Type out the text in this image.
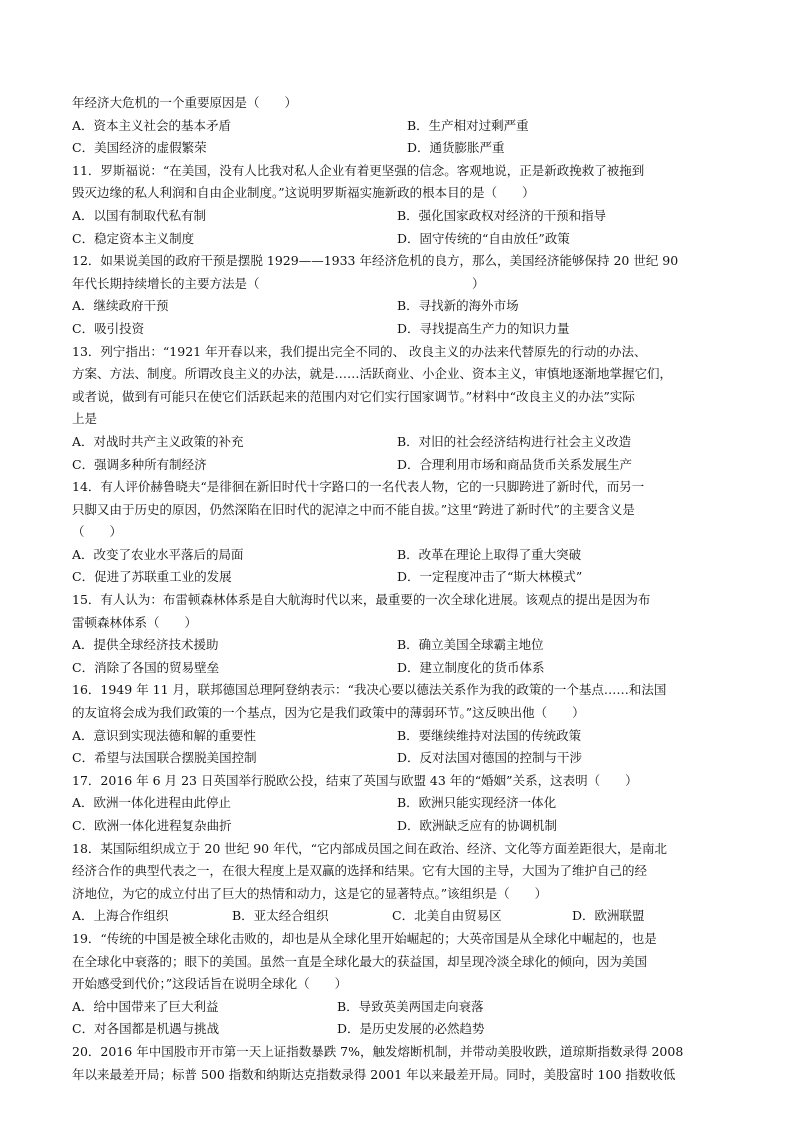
年经济大危机的一个重要原因是（　　）
A．资本主义社会的基本矛盾	B．生产相对过剩严重
C．美国经济的虚假繁荣	D．通货膨胀严重
11．罗斯福说：“在美国，没有人比我对私人企业有着更坚强的信念。客观地说，正是新政挽救了被拖到
毁灭边缘的私人利润和自由企业制度。”这说明罗斯福实施新政的根本目的是（　　）
A．以国有制取代私有制	B．强化国家政权对经济的干预和指导
C．稳定资本主义制度	D．固守传统的“自由放任”政策
12．如果说美国的政府干预是摆脱 1929——1933 年经济危机的良方，那么，美国经济能够保持 20 世纪 90
年代长期持续增长的主要方法是（　　　　　　　　　　　　　　　　　）
A．继续政府干预	B．寻找新的海外市场
C．吸引投资	D．寻找提高生产力的知识力量
13．列宁指出：“1921 年开春以来，我们提出完全不同的、 改良主义的办法来代替原先的行动的办法、
方案、方法、制度。所谓改良主义的办法，就是……活跃商业、小企业、资本主义，审慎地逐渐地掌握它们，
或者说，做到有可能只在使它们活跃起来的范围内对它们实行国家调节。”材料中“改良主义的办法”实际
上是
A．对战时共产主义政策的补充	B．对旧的社会经济结构进行社会主义改造
C．强调多种所有制经济	D．合理利用市场和商品货币关系发展生产
14．有人评价赫鲁晓夫“是徘徊在新旧时代十字路口的一名代表人物，它的一只脚跨进了新时代，而另一
只脚又由于历史的原因，仍然深陷在旧时代的泥淖之中而不能自拔。”这里“跨进了新时代”的主要含义是
（　　）
A．改变了农业水平落后的局面	B．改革在理论上取得了重大突破
C．促进了苏联重工业的发展	D．一定程度冲击了“斯大林模式”
15．有人认为：布雷顿森林体系是自大航海时代以来，最重要的一次全球化进展。该观点的提出是因为布
雷顿森林体系（　　）
A．提供全球经济技术援助	B．确立美国全球霸主地位
C．消除了各国的贸易壁垒	D．建立制度化的货币体系
16．1949 年 11 月，联邦德国总理阿登纳表示：“我决心要以德法关系作为我的政策的一个基点……和法国
的友谊将会成为我们政策的一个基点，因为它是我们政策中的薄弱环节。”这反映出他（　　）
A．意识到实现法德和解的重要性	B．要继续维持对法国的传统政策
C．希望与法国联合摆脱美国控制	D．反对法国对德国的控制与干涉
17．2016 年 6 月 23 日英国举行脱欧公投，结束了英国与欧盟 43 年的“婚姻”关系，这表明（　　）
A．欧洲一体化进程由此停止	B．欧洲只能实现经济一体化
C．欧洲一体化进程复杂曲折	D．欧洲缺乏应有的协调机制
18．某国际组织成立于 20 世纪 90 年代，“它内部成员国之间在政治、经济、文化等方面差距很大，是南北
经济合作的典型代表之一，在很大程度上是双赢的选择和结果。它有大国的主导，大国为了维护自己的经
济地位，为它的成立付出了巨大的热情和动力，这是它的显著特点。”该组织是（　　）
A．上海合作组织	B．亚太经合组织	C．北美自由贸易区	D．欧洲联盟
19．“传统的中国是被全球化击败的，却也是从全球化里开始崛起的；大英帝国是从全球化中崛起的，也是
在全球化中衰落的；眼下的美国。虽然一直是全球化最大的获益国，却呈现冷淡全球化的倾向，因为美国
开始感受到代价；”这段话旨在说明全球化（　　）
A．给中国带来了巨大利益	B．导致英美两国走向衰落
C．对各国都是机遇与挑战	D．是历史发展的必然趋势
20．2016 年中国股市开市第一天上证指数暴跌 7%，触发熔断机制，并带动美股收跌，道琼斯指数录得 2008
年以来最差开局；标普 500 指数和纳斯达克指数录得 2001 年以来最差开局。同时，美股富时 100 指数收低
